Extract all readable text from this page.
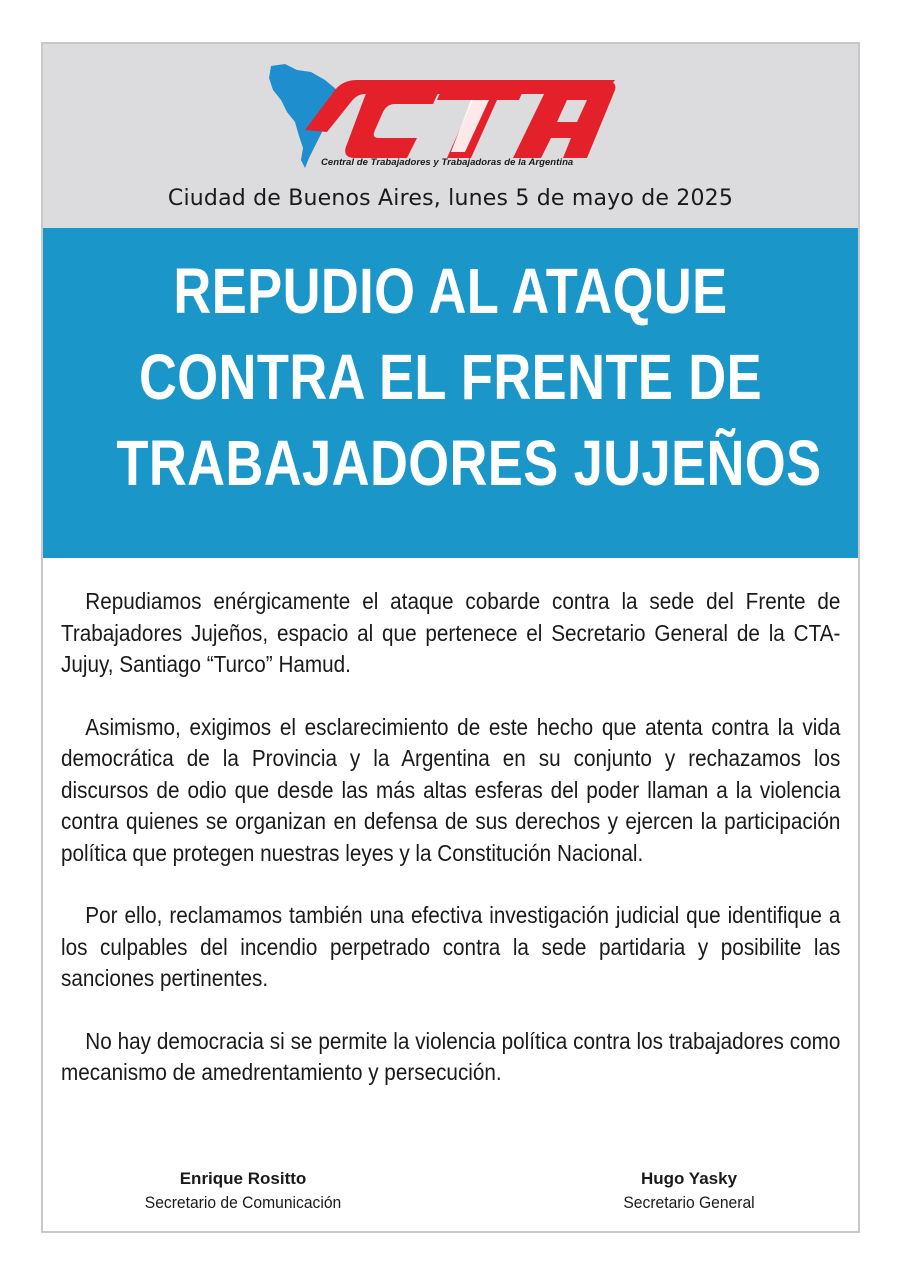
CTA
Central de Trabajadores y Trabajadoras de la Argentina
Ciudad de Buenos Aires, lunes 5 de mayo de 2025
REPUDIO AL ATAQUE
CONTRA EL FRENTE DE
TRABAJADORES JUJEÑOS

Repudiamos enérgicamente el ataque cobarde contra la sede del Frente de Trabajadores Jujeños, espacio al que pertenece el Secretario General de la CTA-Jujuy, Santiago “Turco” Hamud.

Asimismo, exigimos el esclarecimiento de este hecho que atenta contra la vida democrática de la Provincia y la Argentina en su conjunto y rechazamos los discursos de odio que desde las más altas esferas del poder llaman a la violencia contra quienes se organizan en defensa de sus derechos y ejercen la participación política que protegen nuestras leyes y la Constitución Nacional.

Por ello, reclamamos también una efectiva investigación judicial que identifique a los culpables del incendio perpetrado contra la sede partidaria y posibilite las sanciones pertinentes.

No hay democracia si se permite la violencia política contra los trabajadores como mecanismo de amedrentamiento y persecución.

Enrique Rositto
Secretario de Comunicación
Hugo Yasky
Secretario General
